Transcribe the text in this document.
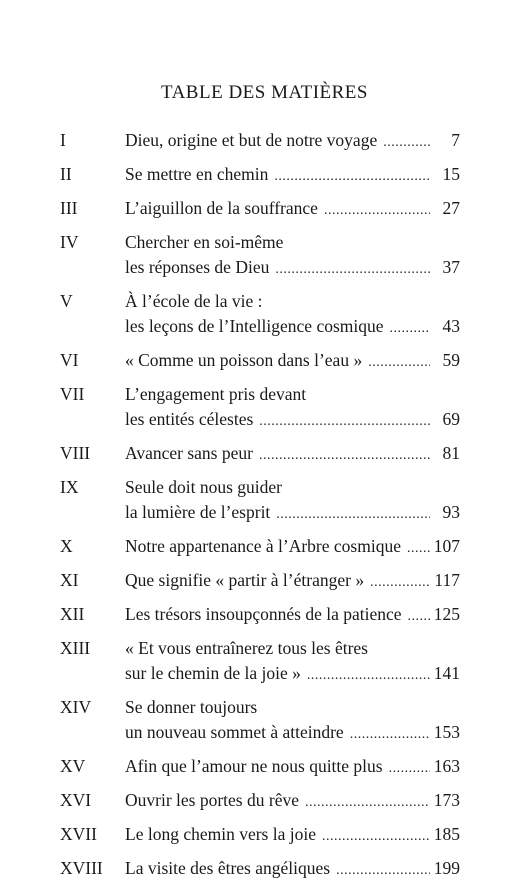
TABLE DES MATIÈRES
I	Dieu, origine et but de notre voyage .....	7
II	Se mettre en chemin .....	15
III	L’aiguillon de la souffrance .....	27
IV	Chercher en soi-même
les réponses de Dieu .....	37
V	À l’école de la vie :
les leçons de l’Intelligence cosmique .....	43
VI	« Comme un poisson dans l’eau » .....	59
VII L’engagement pris devant
les entités célestes .....	69
VIII Avancer sans peur .....	81
IX	Seule doit nous guider
la lumière de l’esprit .....	93
X	Notre appartenance à l’Arbre cosmique ..... 107
XI	Que signifie « partir à l’étranger » .....	117
XII Les trésors insoupçonnés de la patience ..... 125
XIII « Et vous entraînerez tous les êtres
sur le chemin de la joie » .....	141
XIV Se donner toujours
un nouveau sommet à atteindre .....	153
XV Afin que l’amour ne nous quitte plus .....	163
XVI Ouvrir les portes du rêve .....	173
XVII Le long chemin vers la joie .....	185
XVIII La visite des êtres angéliques .....	199
